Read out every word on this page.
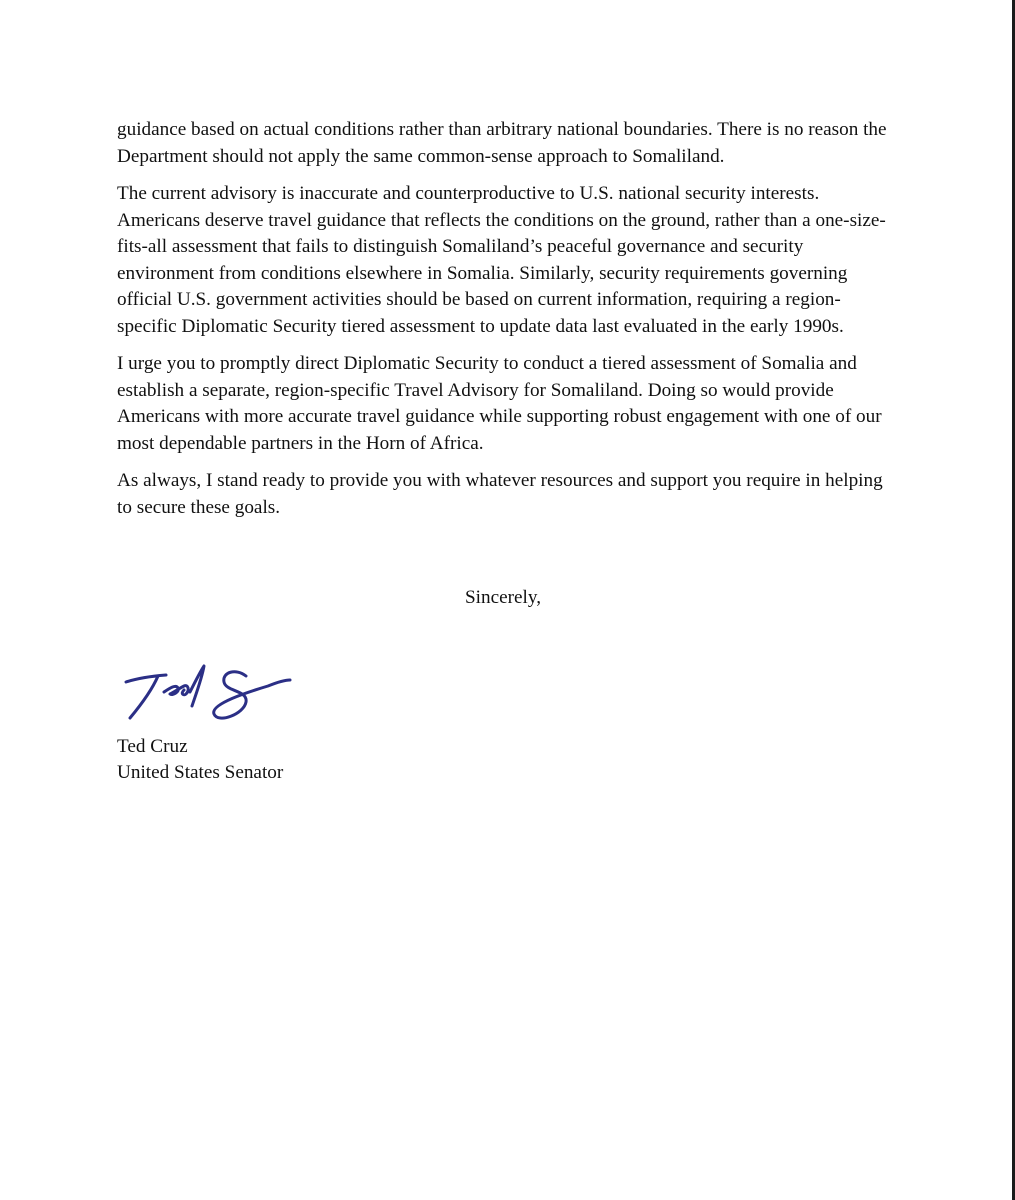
guidance based on actual conditions rather than arbitrary national boundaries. There is no reason the Department should not apply the same common-sense approach to Somaliland.

The current advisory is inaccurate and counterproductive to U.S. national security interests. Americans deserve travel guidance that reflects the conditions on the ground, rather than a one-size-fits-all assessment that fails to distinguish Somaliland’s peaceful governance and security environment from conditions elsewhere in Somalia. Similarly, security requirements governing official U.S. government activities should be based on current information, requiring a region-specific Diplomatic Security tiered assessment to update data last evaluated in the early 1990s.

I urge you to promptly direct Diplomatic Security to conduct a tiered assessment of Somalia and establish a separate, region-specific Travel Advisory for Somaliland. Doing so would provide Americans with more accurate travel guidance while supporting robust engagement with one of our most dependable partners in the Horn of Africa.

As always, I stand ready to provide you with whatever resources and support you require in helping to secure these goals.

Sincerely,
Ted Cruz
United States Senator
